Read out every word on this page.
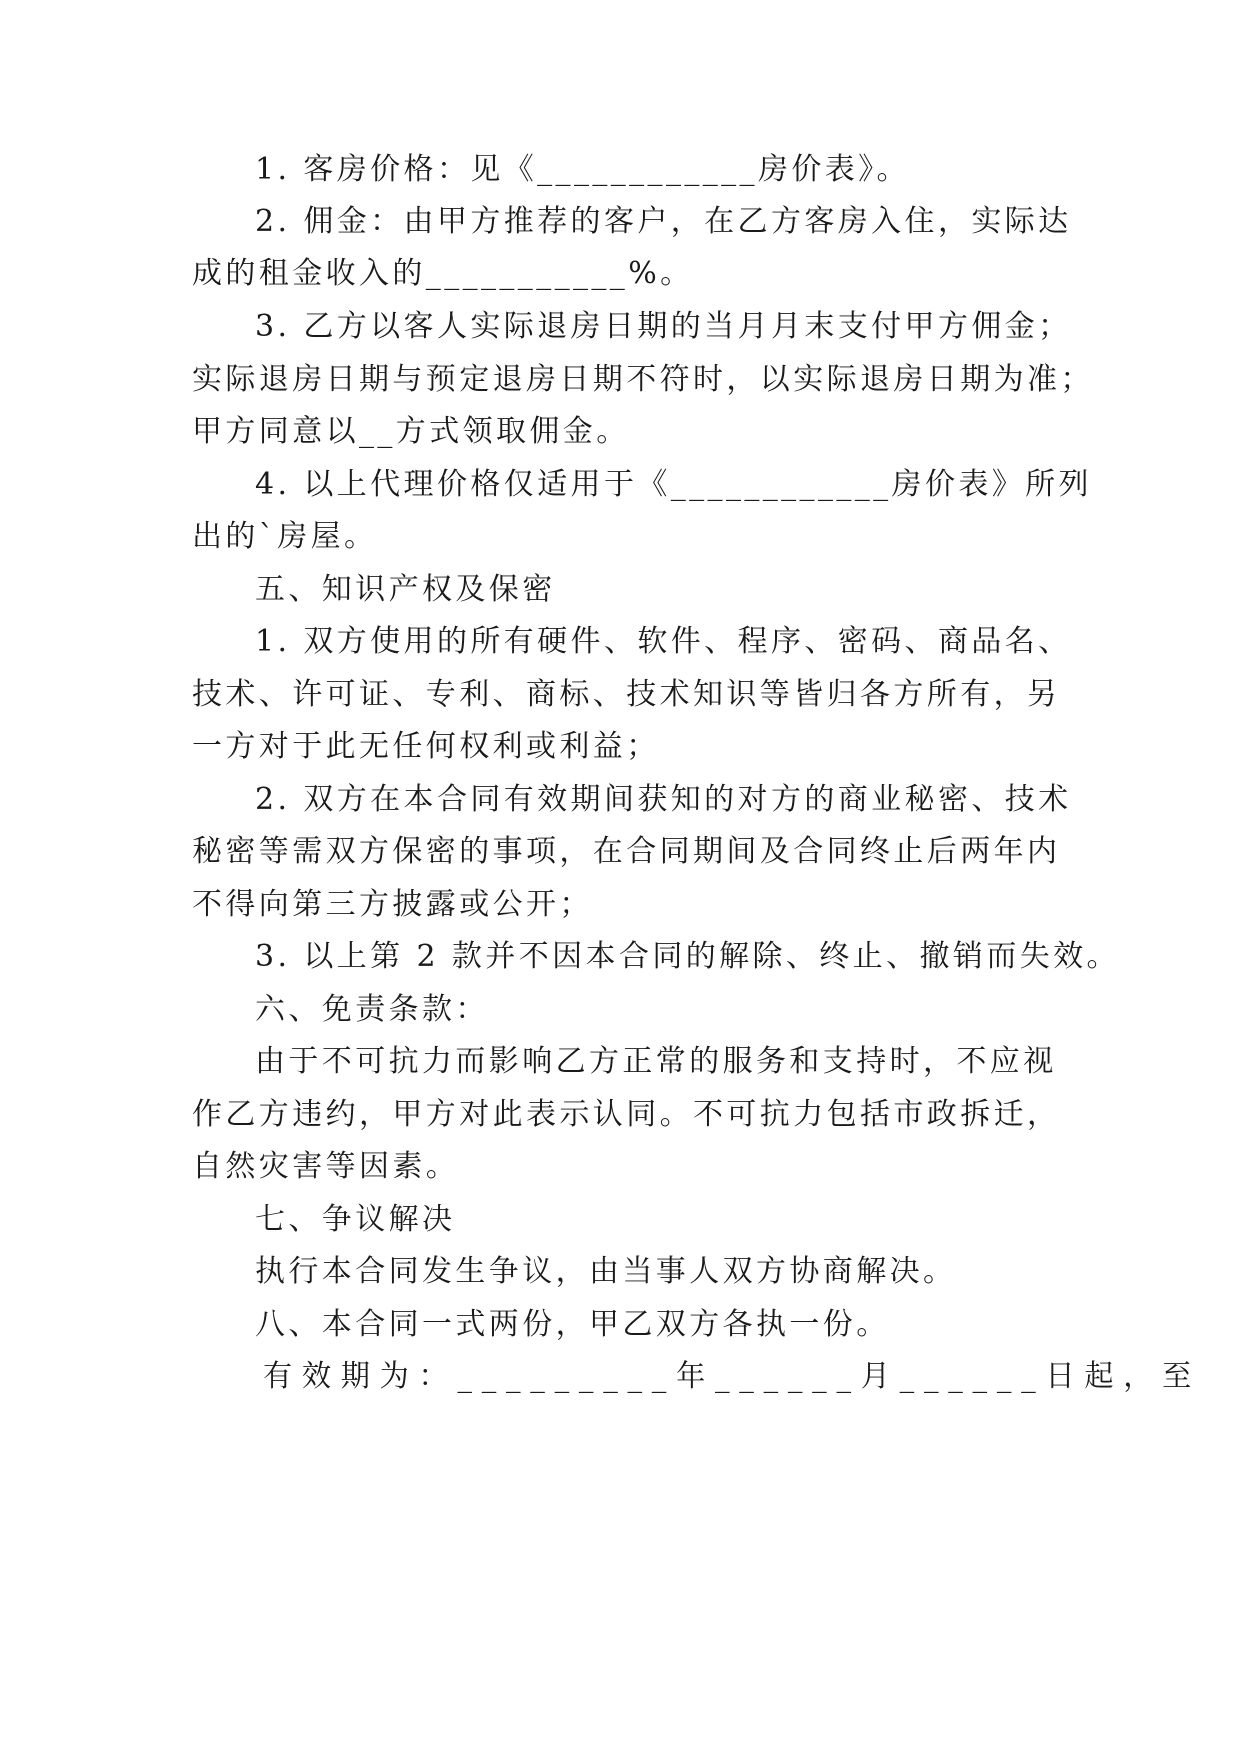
1. 客房价格：见《____________房价表》。
2. 佣金：由甲方推荐的客户，在乙方客房入住，实际达
成的租金收入的___________%。
3. 乙方以客人实际退房日期的当月月末支付甲方佣金；
实际退房日期与预定退房日期不符时，以实际退房日期为准；
甲方同意以__方式领取佣金。
4. 以上代理价格仅适用于《____________房价表》所列
出的`房屋。
五、知识产权及保密
1. 双方使用的所有硬件、软件、程序、密码、商品名、
技术、许可证、专利、商标、技术知识等皆归各方所有，另
一方对于此无任何权利或利益；
2. 双方在本合同有效期间获知的对方的商业秘密、技术
秘密等需双方保密的事项，在合同期间及合同终止后两年内
不得向第三方披露或公开；
3. 以上第 2 款并不因本合同的解除、终止、撤销而失效。
六、免责条款：
由于不可抗力而影响乙方正常的服务和支持时，不应视
作乙方违约，甲方对此表示认同。不可抗力包括市政拆迁，
自然灾害等因素。
七、争议解决
执行本合同发生争议，由当事人双方协商解决。
八、本合同一式两份，甲乙双方各执一份。
有效期为：_________年______月______日起，至
